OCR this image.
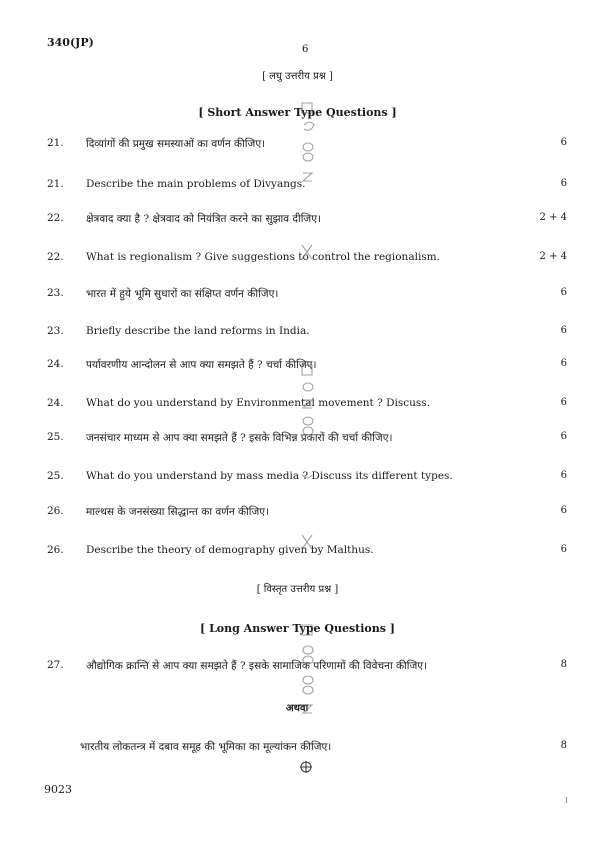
340(JP)
6
[ लघु उत्तरीय प्रश्न ]
[ Short Answer Type Questions ]
21. दिव्यांगों की प्रमुख समस्याओं का वर्णन कीजिए।	6
21. Describe the main problems of Divyangs.	6
22. क्षेत्रवाद क्या है ? क्षेत्रवाद को नियंत्रित करने का सुझाव दीजिए।	2 + 4
22. What is regionalism ? Give suggestions to control the regionalism.	2 + 4
23. भारत में हुये भूमि सुधारों का संक्षिप्त वर्णन कीजिए।	6
23. Briefly describe the land reforms in India.	6
24. पर्यावरणीय आन्दोलन से आप क्या समझते हैं ? चर्चा कीजिए।	6
24. What do you understand by Environmental movement ? Discuss.	6
25. जनसंचार माध्यम से आप क्या समझते हैं ? इसके विभिन्न प्रकारों की चर्चा कीजिए।	6
25. What do you understand by mass media ? Discuss its different types.	6
26. माल्थस के जनसंख्या सिद्धान्त का वर्णन कीजिए।	6
26. Describe the theory of demography given by Malthus.	6
[ विस्तृत उत्तरीय प्रश्न ]
[ Long Answer Type Questions ]
27. औद्योगिक क्रान्ति से आप क्या समझते हैं ? इसके सामाजिक परिणामों की विवेचना कीजिए।	8
अथवा
भारतीय लोकतन्त्र में दबाव समूह की भूमिका का मूल्यांकन कीजिए।	8
9023
